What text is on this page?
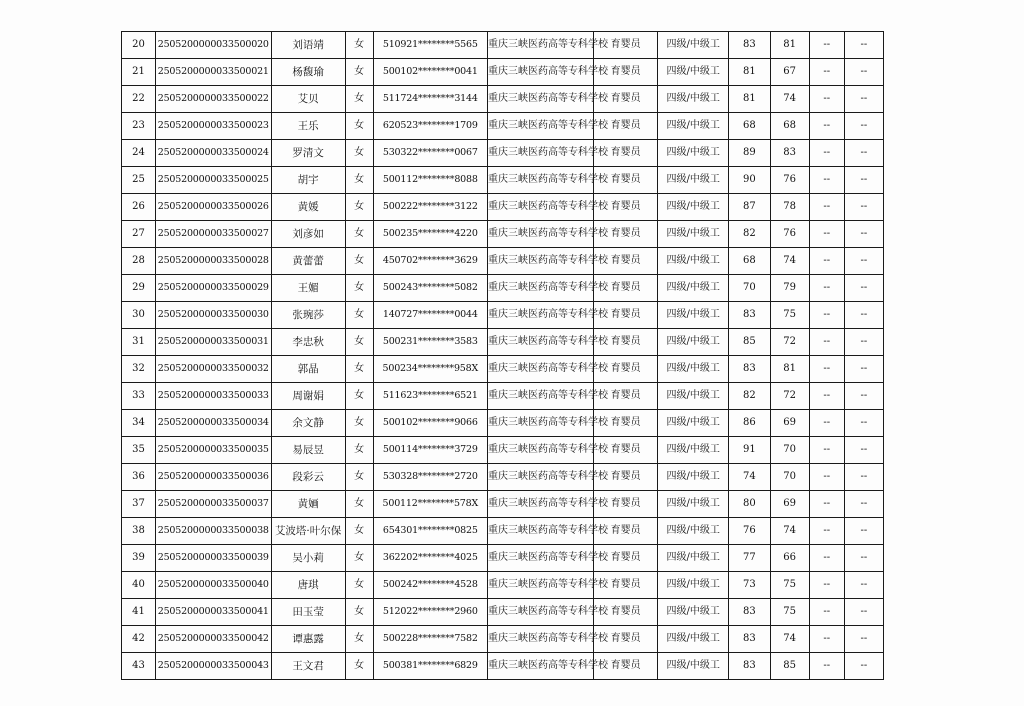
20	2505200000033500020	刘语靖	女	510921********5565	重庆三峡医药高等专科学校	育婴员	四级/中级工	83	81	--	--
21	2505200000033500021	杨馥瑜	女	500102********0041	重庆三峡医药高等专科学校	育婴员	四级/中级工	81	67	--	--
22	2505200000033500022	艾贝	女	511724********3144	重庆三峡医药高等专科学校	育婴员	四级/中级工	81	74	--	--
23	2505200000033500023	王乐	女	620523********1709	重庆三峡医药高等专科学校	育婴员	四级/中级工	68	68	--	--
24	2505200000033500024	罗清文	女	530322********0067	重庆三峡医药高等专科学校	育婴员	四级/中级工	89	83	--	--
25	2505200000033500025	胡宇	女	500112********8088	重庆三峡医药高等专科学校	育婴员	四级/中级工	90	76	--	--
26	2505200000033500026	黄媛	女	500222********3122	重庆三峡医药高等专科学校	育婴员	四级/中级工	87	78	--	--
27	2505200000033500027	刘彦如	女	500235********4220	重庆三峡医药高等专科学校	育婴员	四级/中级工	82	76	--	--
28	2505200000033500028	黄蕾蕾	女	450702********3629	重庆三峡医药高等专科学校	育婴员	四级/中级工	68	74	--	--
29	2505200000033500029	王媚	女	500243********5082	重庆三峡医药高等专科学校	育婴员	四级/中级工	70	79	--	--
30	2505200000033500030	张琬莎	女	140727********0044	重庆三峡医药高等专科学校	育婴员	四级/中级工	83	75	--	--
31	2505200000033500031	李忠秋	女	500231********3583	重庆三峡医药高等专科学校	育婴员	四级/中级工	85	72	--	--
32	2505200000033500032	郭晶	女	500234********958X	重庆三峡医药高等专科学校	育婴员	四级/中级工	83	81	--	--
33	2505200000033500033	周谢娟	女	511623********6521	重庆三峡医药高等专科学校	育婴员	四级/中级工	82	72	--	--
34	2505200000033500034	余文静	女	500102********9066	重庆三峡医药高等专科学校	育婴员	四级/中级工	86	69	--	--
35	2505200000033500035	易辰昱	女	500114********3729	重庆三峡医药高等专科学校	育婴员	四级/中级工	91	70	--	--
36	2505200000033500036	段彩云	女	530328********2720	重庆三峡医药高等专科学校	育婴员	四级/中级工	74	70	--	--
37	2505200000033500037	黄婳	女	500112********578X	重庆三峡医药高等专科学校	育婴员	四级/中级工	80	69	--	--
38	2505200000033500038	艾波塔·叶尔保	女	654301********0825	重庆三峡医药高等专科学校	育婴员	四级/中级工	76	74	--	--
39	2505200000033500039	吴小莉	女	362202********4025	重庆三峡医药高等专科学校	育婴员	四级/中级工	77	66	--	--
40	2505200000033500040	唐琪	女	500242********4528	重庆三峡医药高等专科学校	育婴员	四级/中级工	73	75	--	--
41	2505200000033500041	田玉莹	女	512022********2960	重庆三峡医药高等专科学校	育婴员	四级/中级工	83	75	--	--
42	2505200000033500042	谭惠露	女	500228********7582	重庆三峡医药高等专科学校	育婴员	四级/中级工	83	74	--	--
43	2505200000033500043	王文君	女	500381********6829	重庆三峡医药高等专科学校	育婴员	四级/中级工	83	85	--	--
